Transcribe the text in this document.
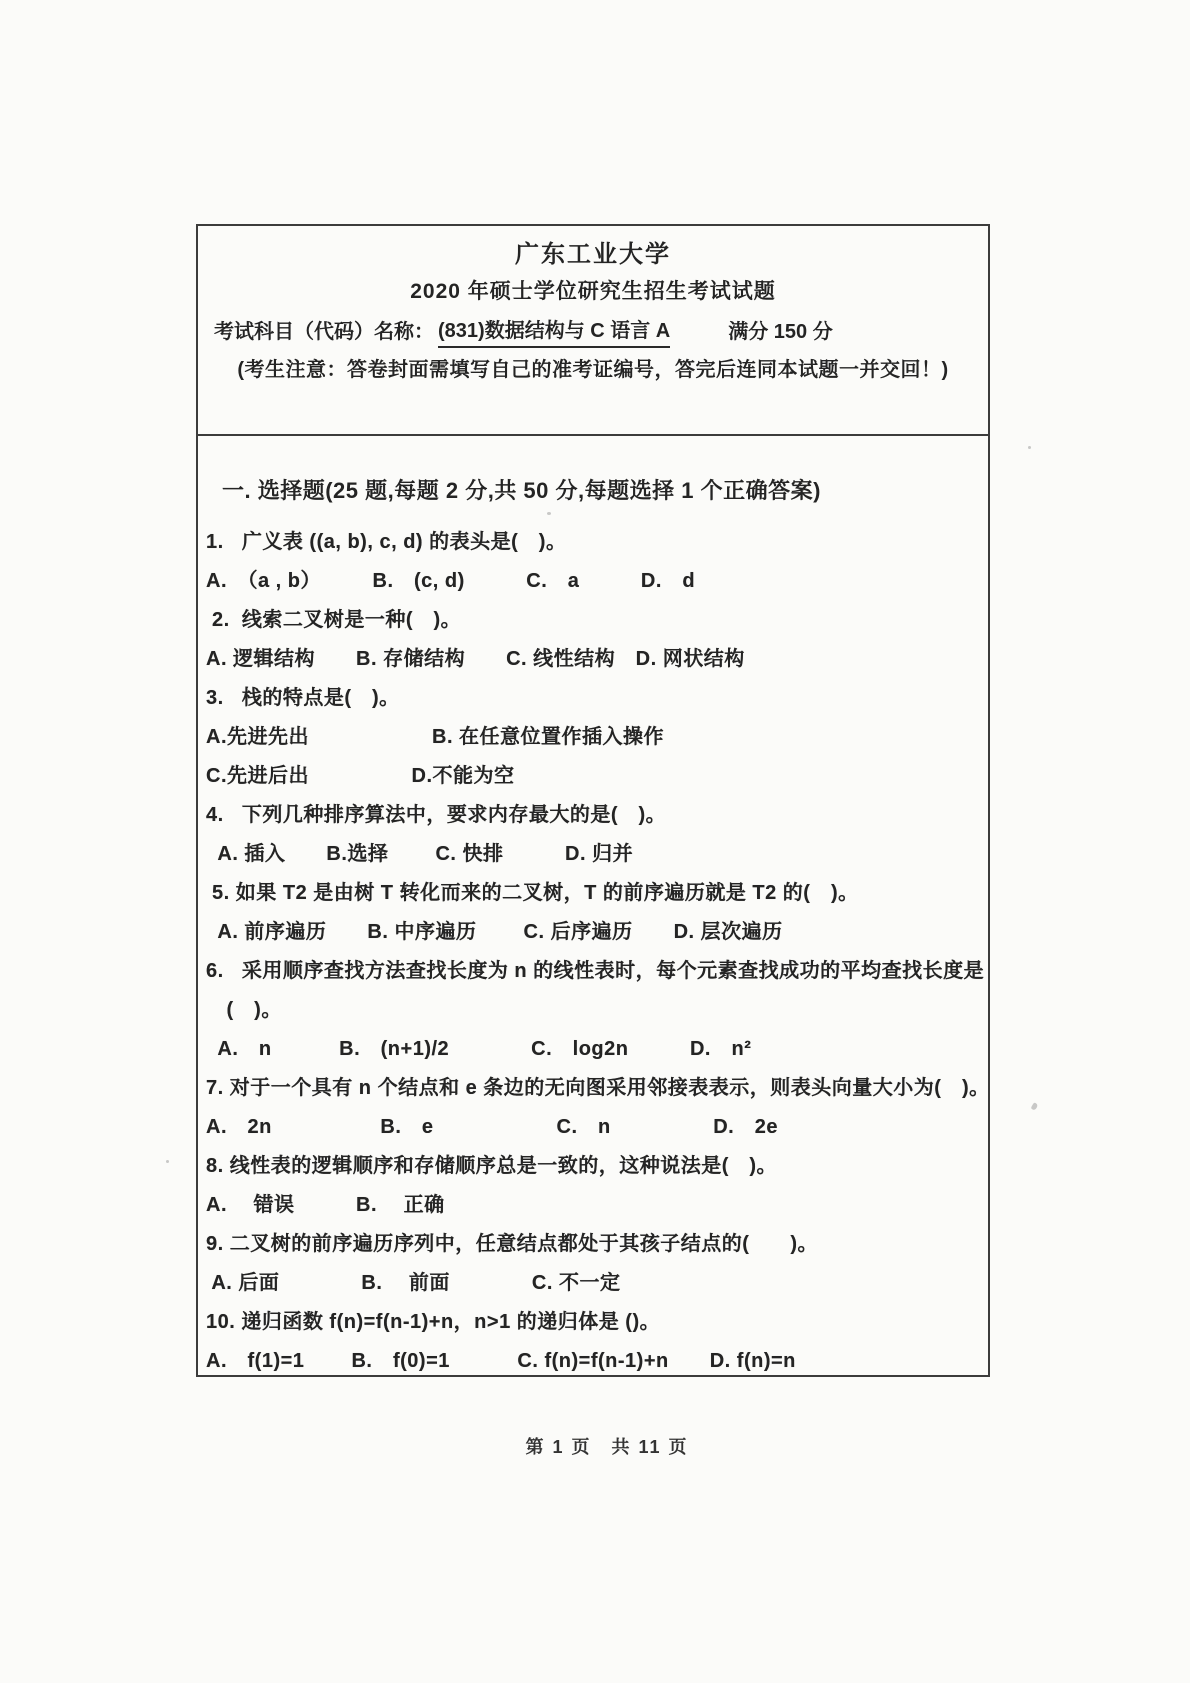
广东工业大学
2020 年硕士学位研究生招生考试试题
考试科目（代码）名称： (831)数据结构与 C 语言 A	满分 150 分
(考生注意：答卷封面需填写自己的准考证编号，答完后连同本试题一并交回！)
一. 选择题(25 题,每题 2 分,共 50 分,每题选择 1 个正确答案)
1.   广义表 ((a, b), c, d) 的表头是(　)。
A.　（a , b）　　　B.　(c, d)　　　C.　a　　　D.　d
2.  线索二叉树是一种(　)。
A. 逻辑结构　　B. 存储结构　　C. 线性结构　D. 网状结构
3.   栈的特点是(　)。
A.先进先出　　　　　　B. 在任意位置作插入操作
C.先进后出　　　　　D.不能为空
4.   下列几种排序算法中，要求内存最大的是(　)。
A. 插入　　B.选择　　 C. 快排　　　D. 归并
5. 如果 T2 是由树 T 转化而来的二叉树，T 的前序遍历就是 T2 的(　)。
A. 前序遍历　　B. 中序遍历　　 C. 后序遍历　　D. 层次遍历
6.   采用顺序查找方法查找长度为 n 的线性表时，每个元素查找成功的平均查找长度是
　(　)。
A.　n　　　 B.　(n+1)/2　　　　C.　log2n　　　D.　n²
7. 对于一个具有 n 个结点和 e 条边的无向图采用邻接表表示，则表头向量大小为(　)。
A.　2n　　　　　 B.　e　　　　　　C.　n　　　　　D.　2e
8. 线性表的逻辑顺序和存储顺序总是一致的，这种说法是(　)。
A.　 错误　　　B.　 正确
9. 二叉树的前序遍历序列中，任意结点都处于其孩子结点的(　　)。
A. 后面　　　　B.　 前面　　　　C. 不一定
10. 递归函数 f(n)=f(n-1)+n，n>1 的递归体是 ()。
A.　f(1)=1　　 B.　f(0)=1　　　 C. f(n)=f(n-1)+n　　D. f(n)=n

第 1 页　共 11 页
